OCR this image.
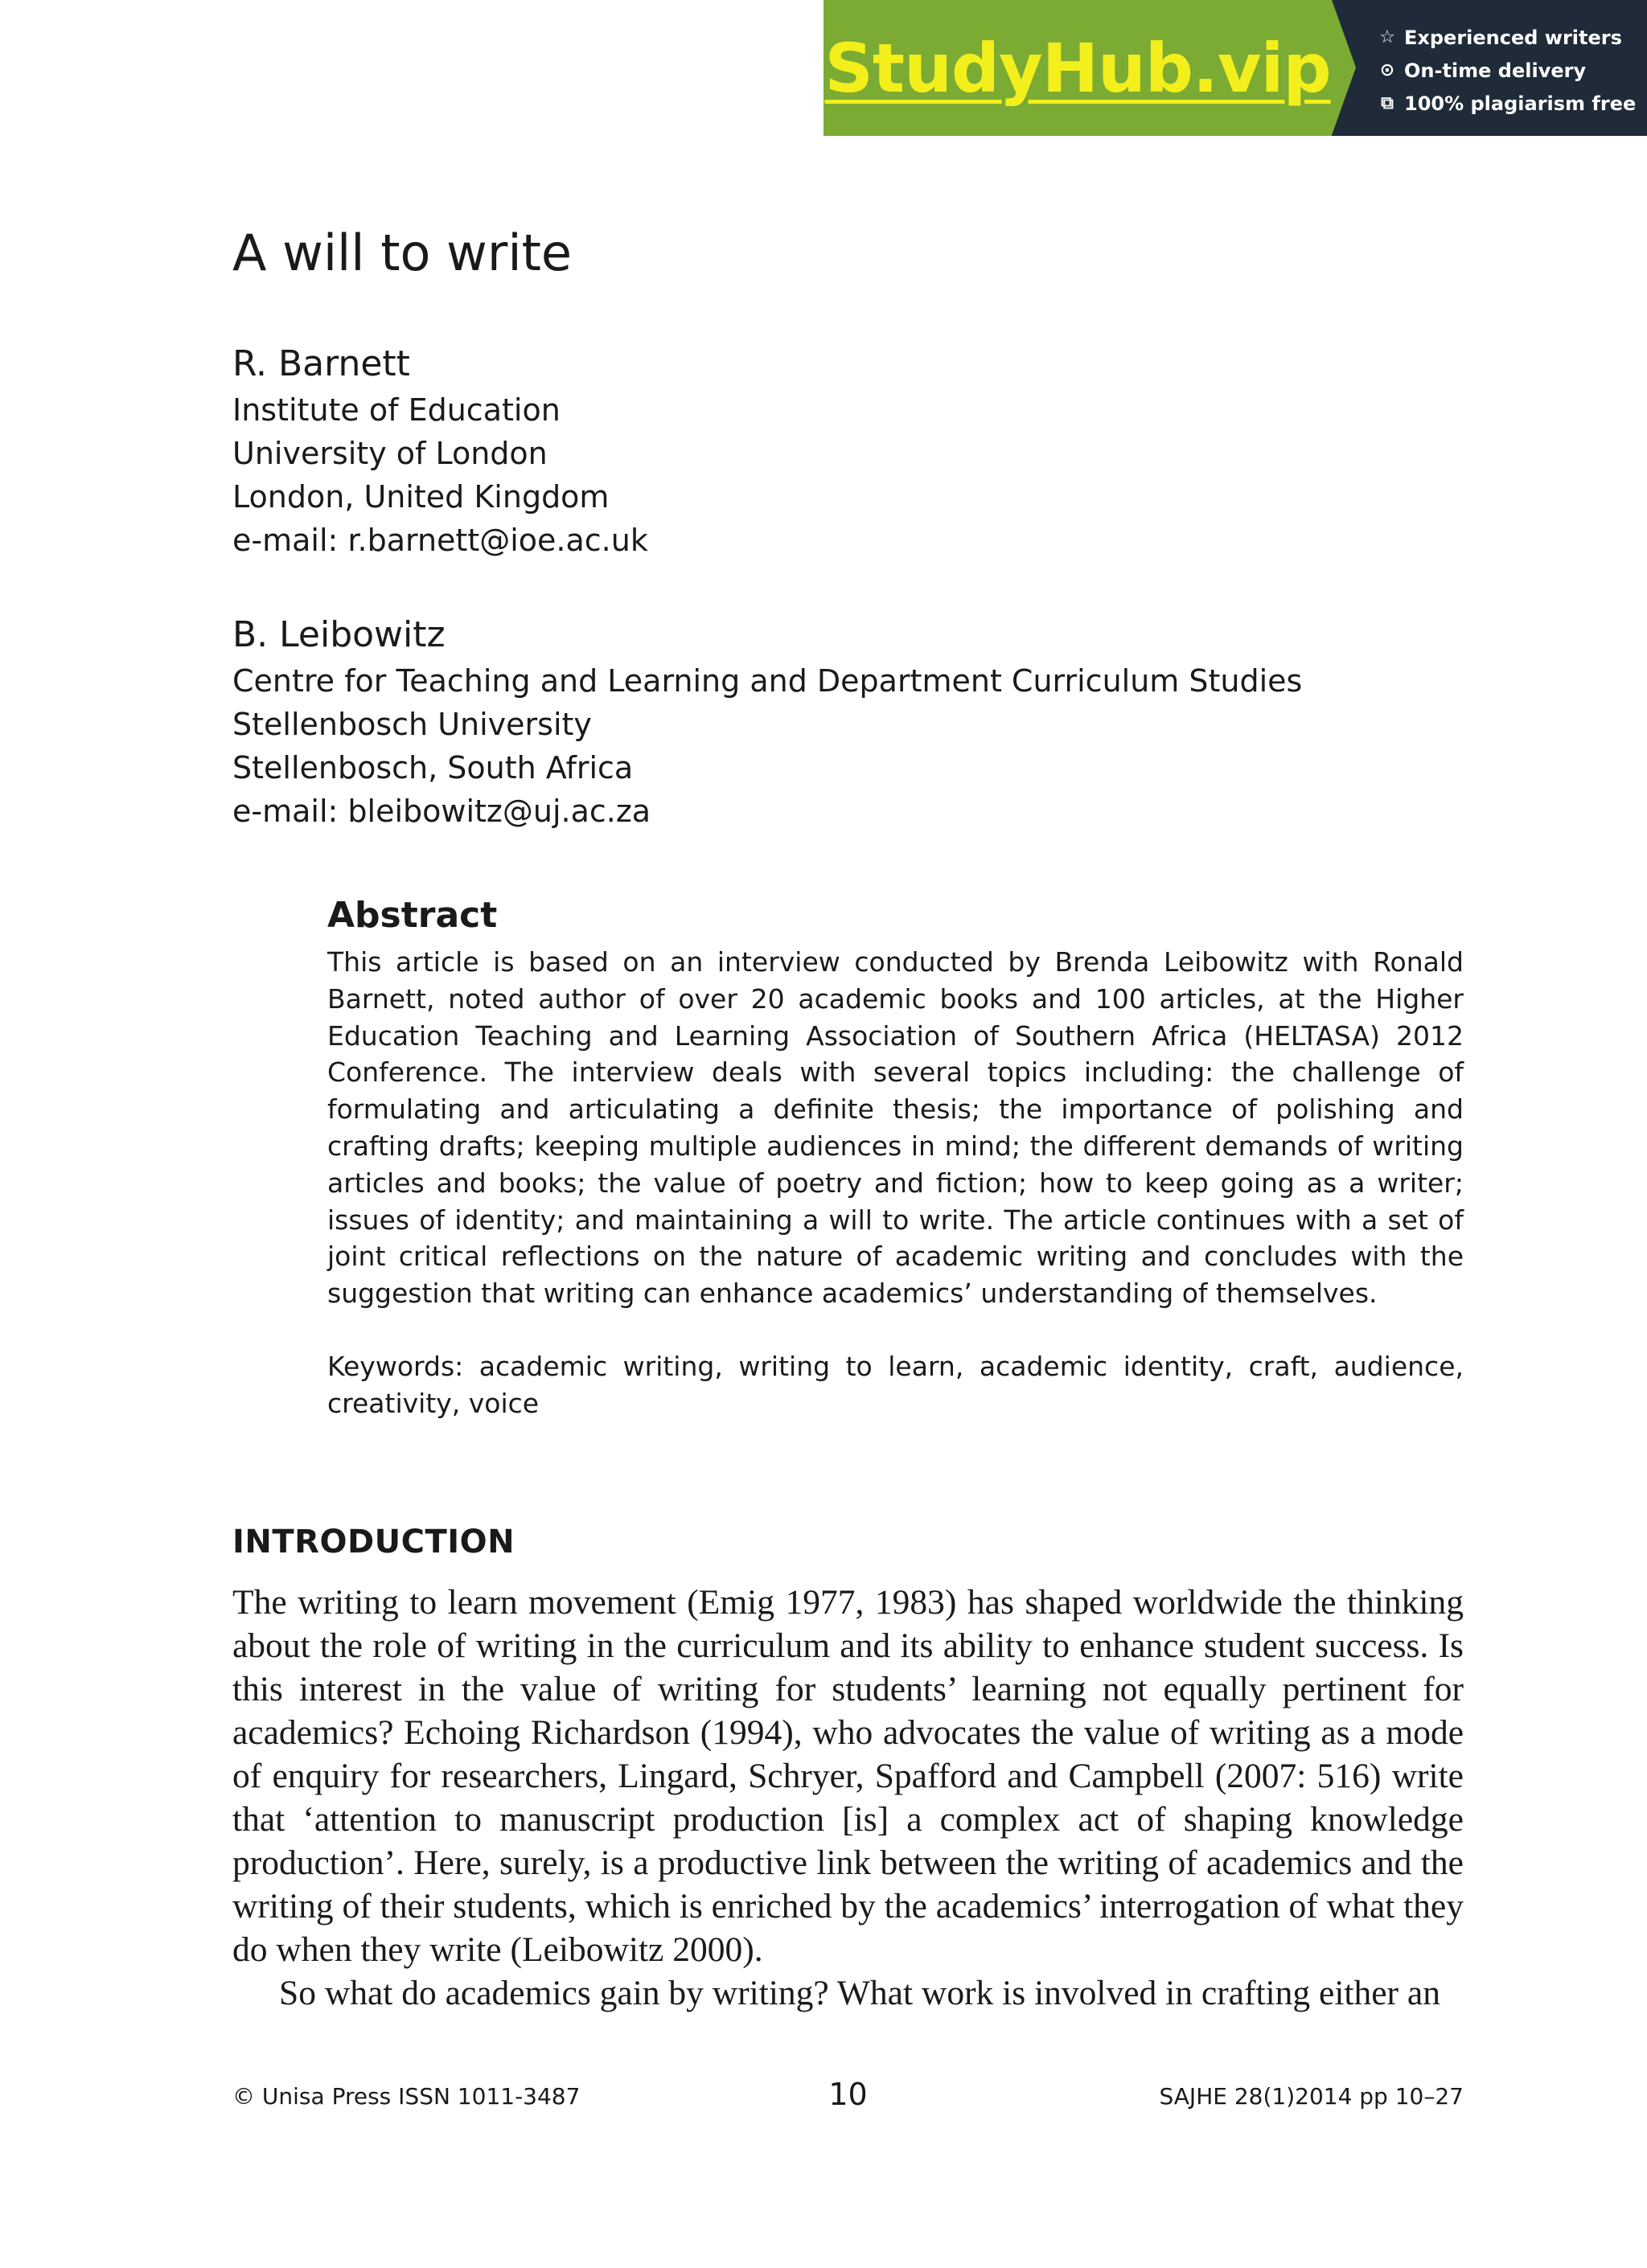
StudyHub.vip	☆ Experienced writers
⊙ On-time delivery
⧉ 100% plagiarism free
A will to write
R. Barnett
Institute of Education
University of London
London, United Kingdom
e-mail: r.barnett@ioe.ac.uk
B. Leibowitz
Centre for Teaching and Learning and Department Curriculum Studies
Stellenbosch University
Stellenbosch, South Africa
e-mail: bleibowitz@uj.ac.za
Abstract

This article is based on an interview conducted by Brenda Leibowitz with Ronald Barnett, noted author of over 20 academic books and 100 articles, at the Higher Education Teaching and Learning Association of Southern Africa (HELTASA) 2012 Conference. The interview deals with several topics including: the challenge of formulating and articulating a definite thesis; the importance of polishing and crafting drafts; keeping multiple audiences in mind; the different demands of writing articles and books; the value of poetry and fiction; how to keep going as a writer; issues of identity; and maintaining a will to write. The article continues with a set of joint critical reflections on the nature of academic writing and concludes with the suggestion that writing can enhance academics’ understanding of themselves.

Keywords: academic writing, writing to learn, academic identity, craft, audience, creativity, voice

INTRODUCTION

The writing to learn movement (Emig 1977, 1983) has shaped worldwide the thinking about the role of writing in the curriculum and its ability to enhance student success. Is this interest in the value of writing for students’ learning not equally pertinent for academics? Echoing Richardson (1994), who advocates the value of writing as a mode of enquiry for researchers, Lingard, Schryer, Spafford and Campbell (2007: 516) write that ‘attention to manuscript production [is] a complex act of shaping knowledge production’. Here, surely, is a productive link between the writing of academics and the writing of their students, which is enriched by the academics’ interrogation of what they do when they write (Leibowitz 2000).

So what do academics gain by writing? What work is involved in crafting either an

© Unisa Press ISSN 1011-3487	10	SAJHE 28(1)2014 pp 10–27
